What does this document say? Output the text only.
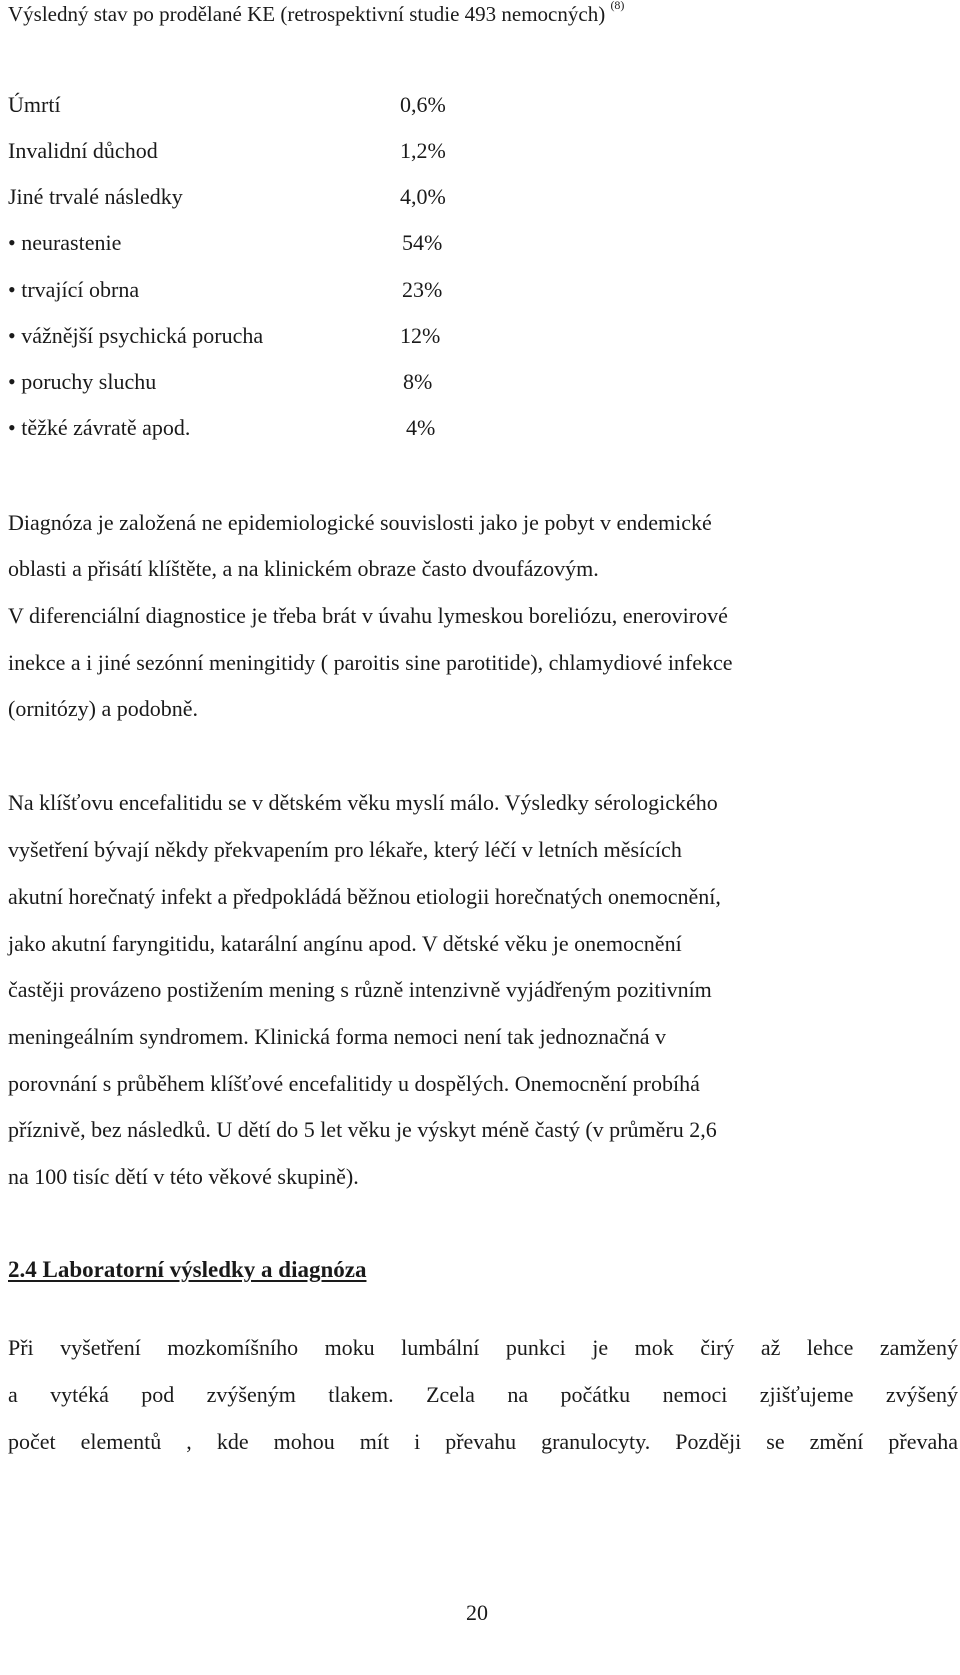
Výsledný stav po prodělané KE (retrospektivní studie 493 nemocných) $^{(8)}$
Úmrtí	0,6%
Invalidní důchod	1,2%
Jiné trvalé následky	4,0%
• neurastenie	54%
• trvající obrna	23%
• vážnější psychická porucha	12%
• poruchy sluchu	8%
• těžké závratě apod.	4%
Diagnóza je založená ne epidemiologické souvislosti jako je pobyt v endemické
oblasti a přisátí klíštěte, a na klinickém obraze často dvoufázovým.
V diferenciální diagnostice je třeba brát v úvahu lymeskou boreliózu, enerovirové
inekce a i jiné sezónní meningitidy ( paroitis sine parotitide), chlamydiové infekce
(ornitózy) a podobně.
Na klíšťovu encefalitidu se v dětském věku myslí málo. Výsledky sérologického
vyšetření bývají někdy překvapením pro lékaře, který léčí v letních měsících
akutní horečnatý infekt a předpokládá běžnou etiologii horečnatých onemocnění,
jako akutní faryngitidu, katarální angínu apod. V dětské věku je onemocnění
častěji provázeno postižením mening s různě intenzivně vyjádřeným pozitivním
meningeálním syndromem. Klinická forma nemoci není tak jednoznačná v
porovnání s průběhem klíšťové encefalitidy u dospělých. Onemocnění probíhá
příznivě, bez následků. U dětí do 5 let věku je výskyt méně častý (v průměru 2,6
na 100 tisíc dětí v této věkové skupině).
2.4 Laboratorní výsledky a diagnóza
Při vyšetření mozkomíšního moku lumbální punkci je mok čirý až lehce zamžený
a vytéká pod zvýšeným tlakem. Zcela na počátku nemoci zjišťujeme zvýšený
počet elementů , kde mohou mít i převahu granulocyty. Později se změní převaha
20
